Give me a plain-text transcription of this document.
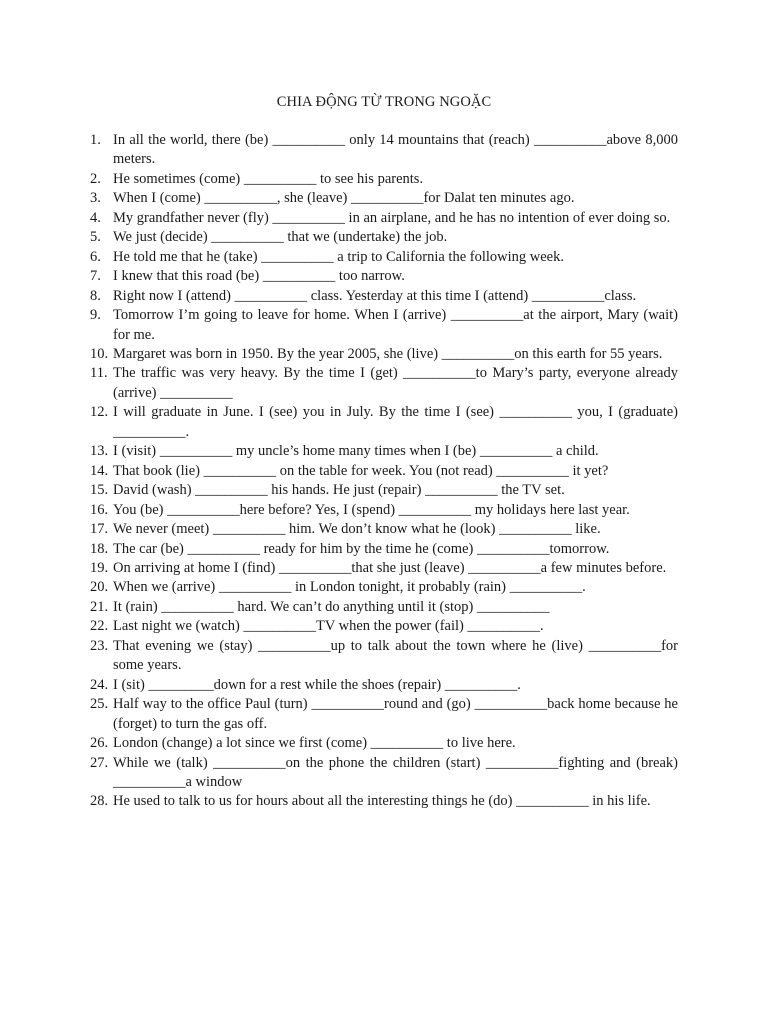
CHIA ĐỘNG TỪ TRONG NGOẶC
1. In all the world, there (be) __________ only 14 mountains that (reach) __________above 8,000 meters.
2. He sometimes (come) __________ to see his parents.
3. When I (come) __________, she (leave) __________for Dalat ten minutes ago.
4. My grandfather never (fly) __________ in an airplane, and he has no intention of ever doing so.
5. We just (decide) __________ that we (undertake) the job.
6. He told me that he (take) __________ a trip to California the following week.
7. I knew that this road (be) __________ too narrow.
8. Right now I (attend) __________ class. Yesterday at this time I (attend) __________class.
9. Tomorrow I’m going to leave for home. When I (arrive) __________at the airport, Mary (wait) for me.
10. Margaret was born in 1950. By the year 2005, she (live) __________on this earth for 55 years.
11. The traffic was very heavy. By the time I (get) __________to Mary’s party, everyone already (arrive) __________
12. I will graduate in June. I (see) you in July. By the time I (see) __________ you, I (graduate) __________.
13. I (visit) __________ my uncle’s home many times when I (be) __________ a child.
14. That book (lie) __________ on the table for week. You (not read) __________ it yet?
15. David (wash) __________ his hands. He just (repair) __________ the TV set.
16. You (be) __________here before? Yes, I (spend) __________ my holidays here last year.
17. We never (meet) __________ him. We don’t know what he (look) __________ like.
18. The car (be) __________ ready for him by the time he (come) __________tomorrow.
19. On arriving at home I (find) __________that she just (leave) __________a few minutes before.
20. When we (arrive) __________ in London tonight, it probably (rain) __________.
21. It (rain) __________ hard. We can’t do anything until it (stop) __________
22. Last night we (watch) __________TV when the power (fail) __________.
23. That evening we (stay) __________up to talk about the town where he (live) __________for some years.
24. I (sit) _________down for a rest while the shoes (repair) __________.
25. Half way to the office Paul (turn) __________round and (go) __________back home because he (forget) to turn the gas off.
26. London (change) a lot since we first (come) __________ to live here.
27. While we (talk) __________on the phone the children (start) __________fighting and (break) __________a window
28. He used to talk to us for hours about all the interesting things he (do) __________ in his life.
